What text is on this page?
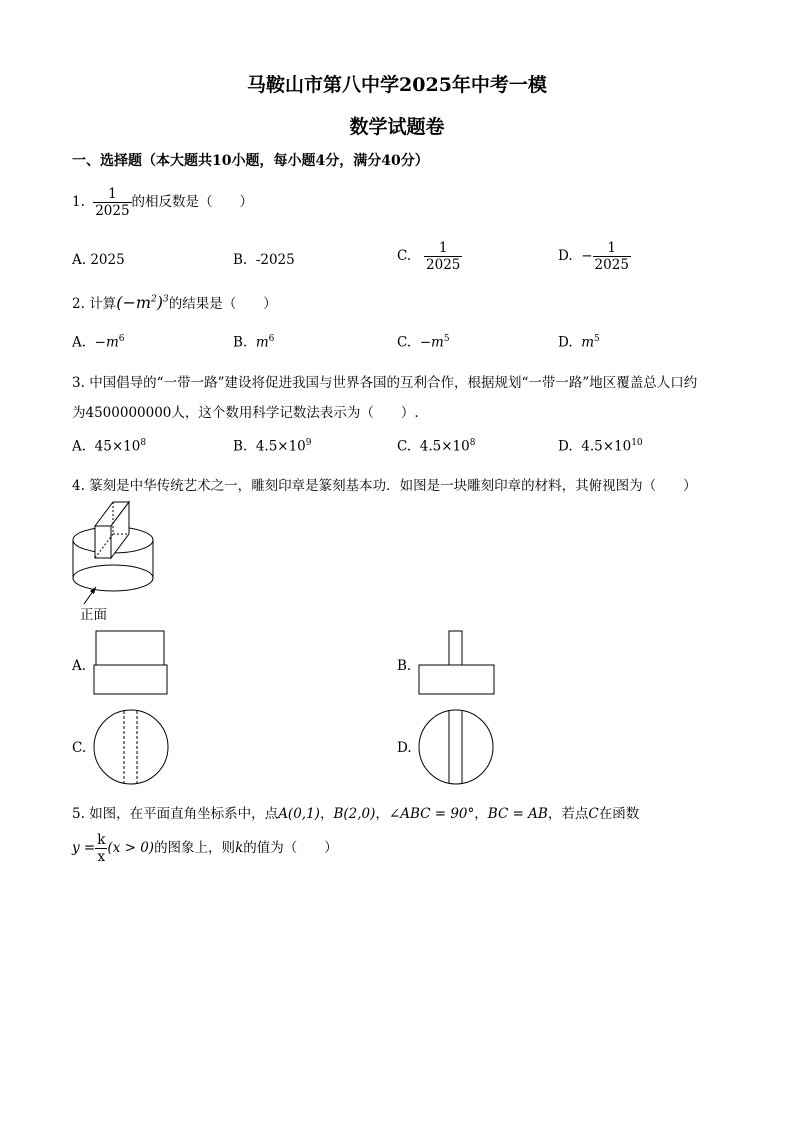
马鞍山市第八中学2025年中考一模
数学试题卷
一、选择题（本大题共10小题，每小题4分，满分40分）
1. $\frac{1}{2025}$ 的相反数是（　　）
A. 2025	B. -2025	C. $\frac{1}{2025}$	D. − $\frac{1}{2025}$
2. 计算$(-m^2)^3$的结果是（　　）
A. $-m^6$	B. $m^6$	C. $-m^5$	D. $m^5$
3. 中国倡导的“一带一路”建设将促进我国与世界各国的互利合作，根据规划“一带一路”地区覆盖总人口约
为4500000000人，这个数用科学记数法表示为（　　）.
A. $45\times 10^8$	B. $4.5\times 10^9$	C. $4.5\times 10^8$	D. $4.5\times 10^{10}$
4. 篆刻是中华传统艺术之一，雕刻印章是篆刻基本功．如图是一块雕刻印章的材料，其俯视图为（　　）
正面
A.	B.
C.	D.
5. 如图，在平面直角坐标系中，点A(0,1)，B(2,0)，∠ABC = 90°，BC = AB，若点C在函数
$y = \frac{k}{x} (x > 0)$的图象上，则k的值为（　　）
